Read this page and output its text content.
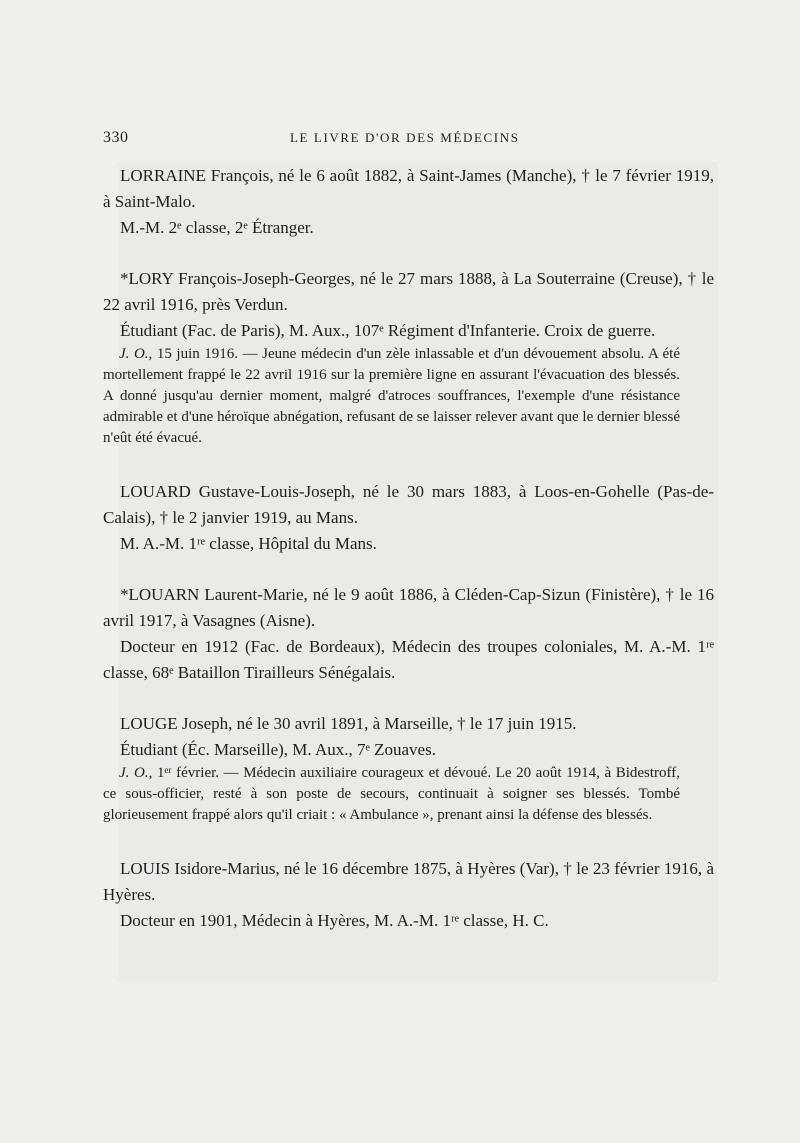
330	LE LIVRE D'OR DES MÉDECINS

LORRAINE François, né le 6 août 1882, à Saint-James (Manche), † le 7 février 1919, à Saint-Malo.

M.-M. 2ᵉ classe, 2ᵉ Étranger.

*LORY François-Joseph-Georges, né le 27 mars 1888, à La Souterraine (Creuse), † le 22 avril 1916, près Verdun.

Étudiant (Fac. de Paris), M. Aux., 107ᵉ Régiment d'Infanterie. Croix de guerre.

J. O., 15 juin 1916. — Jeune médecin d'un zèle inlassable et d'un dévouement absolu. A été mortellement frappé le 22 avril 1916 sur la première ligne en assurant l'évacuation des blessés. A donné jusqu'au dernier moment, malgré d'atroces souffrances, l'exemple d'une résistance admirable et d'une héroïque abnégation, refusant de se laisser relever avant que le dernier blessé n'eût été évacué.

LOUARD Gustave-Louis-Joseph, né le 30 mars 1883, à Loos-en-Gohelle (Pas-de-Calais), † le 2 janvier 1919, au Mans.

M. A.-M. 1ʳᵉ classe, Hôpital du Mans.

*LOUARN Laurent-Marie, né le 9 août 1886, à Cléden-Cap-Sizun (Finistère), † le 16 avril 1917, à Vasagnes (Aisne).

Docteur en 1912 (Fac. de Bordeaux), Médecin des troupes coloniales, M. A.-M. 1ʳᵉ classe, 68ᵉ Bataillon Tirailleurs Sénégalais.

LOUGE Joseph, né le 30 avril 1891, à Marseille, † le 17 juin 1915.

Étudiant (Éc. Marseille), M. Aux., 7ᵉ Zouaves.

J. O., 1ᵉʳ février. — Médecin auxiliaire courageux et dévoué. Le 20 août 1914, à Bidestroff, ce sous-officier, resté à son poste de secours, continuait à soigner ses blessés. Tombé glorieusement frappé alors qu'il criait : « Ambulance », prenant ainsi la défense des blessés.

LOUIS Isidore-Marius, né le 16 décembre 1875, à Hyères (Var), † le 23 février 1916, à Hyères.

Docteur en 1901, Médecin à Hyères, M. A.-M. 1ʳᵉ classe, H. C.
